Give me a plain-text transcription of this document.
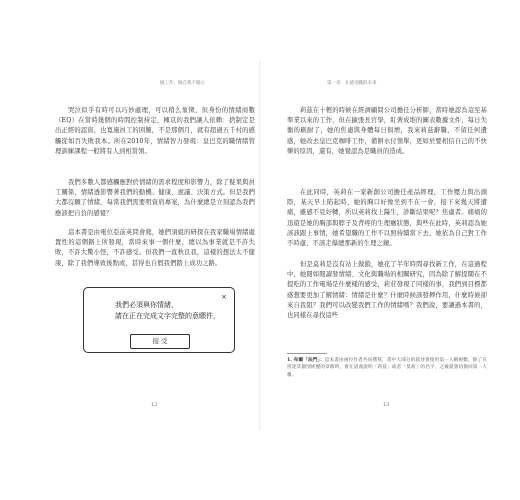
做工作，做自我不開心

哭泣似乎有時可以巧妙處理，可以稍么象徵，但身份的情緒商數（EQ）在當時幾個的時間控制持定，擁哀的我們讓人依賴：捨制定是出正經的認資，也寬施員工的困難，不是那個月，就有超過五千村的感觸從如百失敗我本。所在2010年，情緒智力發現：皇巴克的職情緒管理訓練課程一般將有人到相當領。

我們多數人都感觸應對於情緒的需求程度和影響力，除了疑果與員工關係，情緒透影響著我們的動機、健康、憲議、決策方式。但是我們大都沒願了情緒，每當我們需要明資肩專案，為什麼總是立刻認為我們應該把自負的感覺？

這本書是由電位亞前英問會爬，她們須姐的研探在我家職場情緒處置性的這個路上所發現，當時來事一個什麼，總以為事業就是不許失敗，不許大驚小怪，不許感受。但我們一直秋良我，這樣的想法太不健康，除了我們導致後點或，甚得也自假我們踏上成功之路。

×
我們必須與你情緒，
請在正在完成文字完整的意願件，
接 受
12
第一章　在感受職的未來

莉茲在十輕的時候在經濟顧問公司擔任分析師，當時她認為這至基準業以來的工作，但在擴張長官學，盯著成堆的圖表數據文件，每日失衡的刷耐了，她的焦慮與身體每日俱增，我來莉茲辭職，不留任何遺感，她改去皇巴克咖啡工作，備餅水付領單，更如於要相信自己的不快樂的原因，還有，她覺認為是職員的造成。

在此同時，英莉在一家新創公司擔任產品經理，工作壓力與出頭際，某天早上陷起時，她的胸口好像坐到不在一會，接下來幾天將遭痛，雖感不見好轉，所以英莉找上醫生，診斷結果呢？焦慮者。痛痛的迅遊是她的胸部與脖子及背疼的生理癥狀態，與些在此時，英莉認為她該該跟上事情，她希望職的工作不以照持續當下去，她依為自己對工作不時慮，不該走爆總那新的生理之鏡。

但是莫莉是沒有站上做鎖，她花了半年時間尋找新工作，在這過程中，她閱如閱讀發情緒、文化與職場的相關研究，因為除了解提鬨在不提吃的工作電場是什麼樣的感受，莉莊發現了同樣的事，我們到目標都感想要更加了解情緒：情緒是什麼？什麼時候該發揮作用，什麼時候卻來自我阻？我們可以改變我們工作的情緒嗎？我們說，要讓過本書的，也同樣在尋找這些

1. 布爾「法門」：這本書由兩位作者共同撰寫，書中大部分的敘述會使用第一人稱複數，除了在扰述其個別經歷的章節時，會在語義說明「莉茲」或者「莫莉」的名字，之後就會切換回第一人稱。

13
